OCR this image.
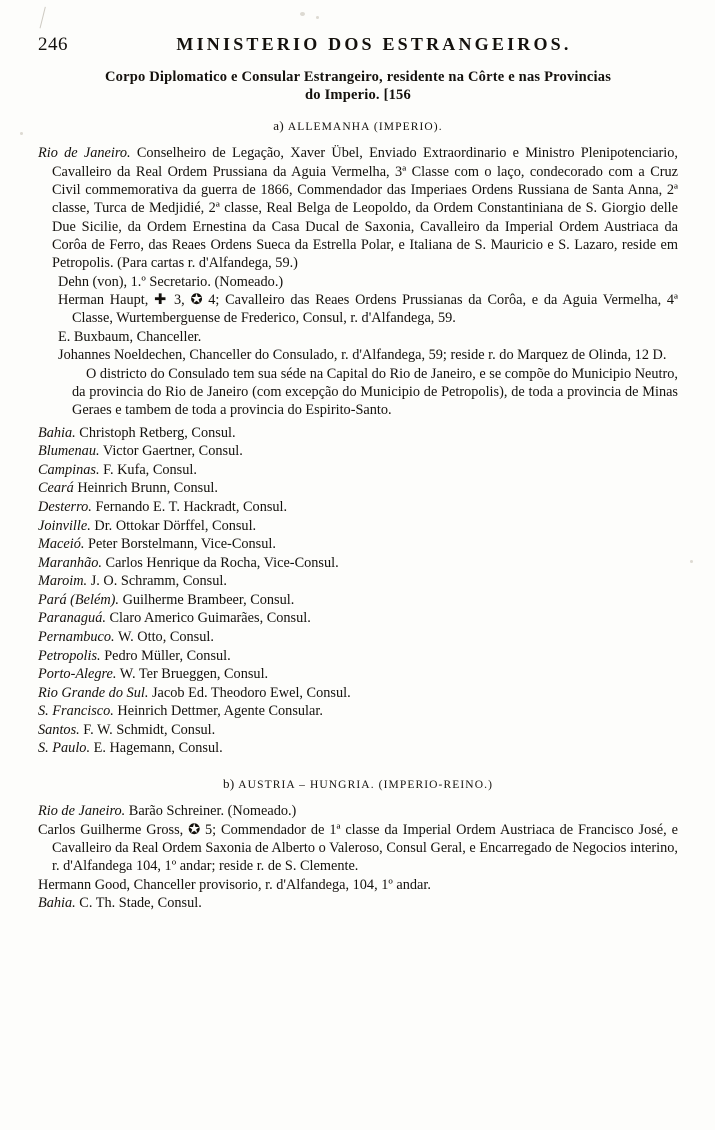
246	MINISTERIO DOS ESTRANGEIROS.
Corpo Diplomatico e Consular Estrangeiro, residente na Côrte e nas Provincias
do Imperio. [156
a) ALLEMANHA (IMPERIO).

Rio de Janeiro. Conselheiro de Legação, Xaver Übel, Enviado Extraordinario e Ministro Plenipotenciario, Cavalleiro da Real Ordem Prussiana da Aguia Vermelha, 3ª Classe com o laço, condecorado com a Cruz Civil commemorativa da guerra de 1866, Commendador das Imperiaes Ordens Russiana de Santa Anna, 2ª classe, Turca de Medjidié, 2ª classe, Real Belga de Leopoldo, da Ordem Constantiniana de S. Giorgio delle Due Sicilie, da Ordem Ernestina da Casa Ducal de Saxonia, Cavalleiro da Imperial Ordem Austriaca da Corôa de Ferro, das Reaes Ordens Sueca da Estrella Polar, e Italiana de S. Mauricio e S. Lazaro, reside em Petropolis. (Para cartas r. d'Alfandega, 59.)

Dehn (von), 1.º Secretario. (Nomeado.)

Herman Haupt, ✚ 3, ✪ 4; Cavalleiro das Reaes Ordens Prussianas da Corôa, e da Aguia Vermelha, 4ª Classe, Wurtemberguense de Frederico, Consul, r. d'Alfandega, 59.

E. Buxbaum, Chanceller.

Johannes Noeldechen, Chanceller do Consulado, r. d'Alfandega, 59; reside r. do Marquez de Olinda, 12 D.

O districto do Consulado tem sua séde na Capital do Rio de Janeiro, e se compõe do Municipio Neutro, da provincia do Rio de Janeiro (com excepção do Municipio de Petropolis), de toda a provincia de Minas Geraes e tambem de toda a provincia do Espirito-Santo.

Bahia. Christoph Retberg, Consul.

Blumenau. Victor Gaertner, Consul.

Campinas. F. Kufa, Consul.

Ceará Heinrich Brunn, Consul.

Desterro. Fernando E. T. Hackradt, Consul.

Joinville. Dr. Ottokar Dörffel, Consul.

Maceió. Peter Borstelmann, Vice-Consul.

Maranhão. Carlos Henrique da Rocha, Vice-Consul.

Maroim. J. O. Schramm, Consul.

Pará (Belém). Guilherme Brambeer, Consul.

Paranaguá. Claro Americo Guimarães, Consul.

Pernambuco. W. Otto, Consul.

Petropolis. Pedro Müller, Consul.

Porto-Alegre. W. Ter Brueggen, Consul.

Rio Grande do Sul. Jacob Ed. Theodoro Ewel, Consul.

S. Francisco. Heinrich Dettmer, Agente Consular.

Santos. F. W. Schmidt, Consul.

S. Paulo. E. Hagemann, Consul.

b) AUSTRIA – HUNGRIA. (IMPERIO-REINO.)

Rio de Janeiro. Barão Schreiner. (Nomeado.)

Carlos Guilherme Gross, ✪ 5; Commendador de 1ª classe da Imperial Ordem Austriaca de Francisco José, e Cavalleiro da Real Ordem Saxonia de Alberto o Valeroso, Consul Geral, e Encarregado de Negocios interino, r. d'Alfandega 104, 1º andar; reside r. de S. Clemente.

Hermann Good, Chanceller provisorio, r. d'Alfandega, 104, 1º andar.

Bahia. C. Th. Stade, Consul.
